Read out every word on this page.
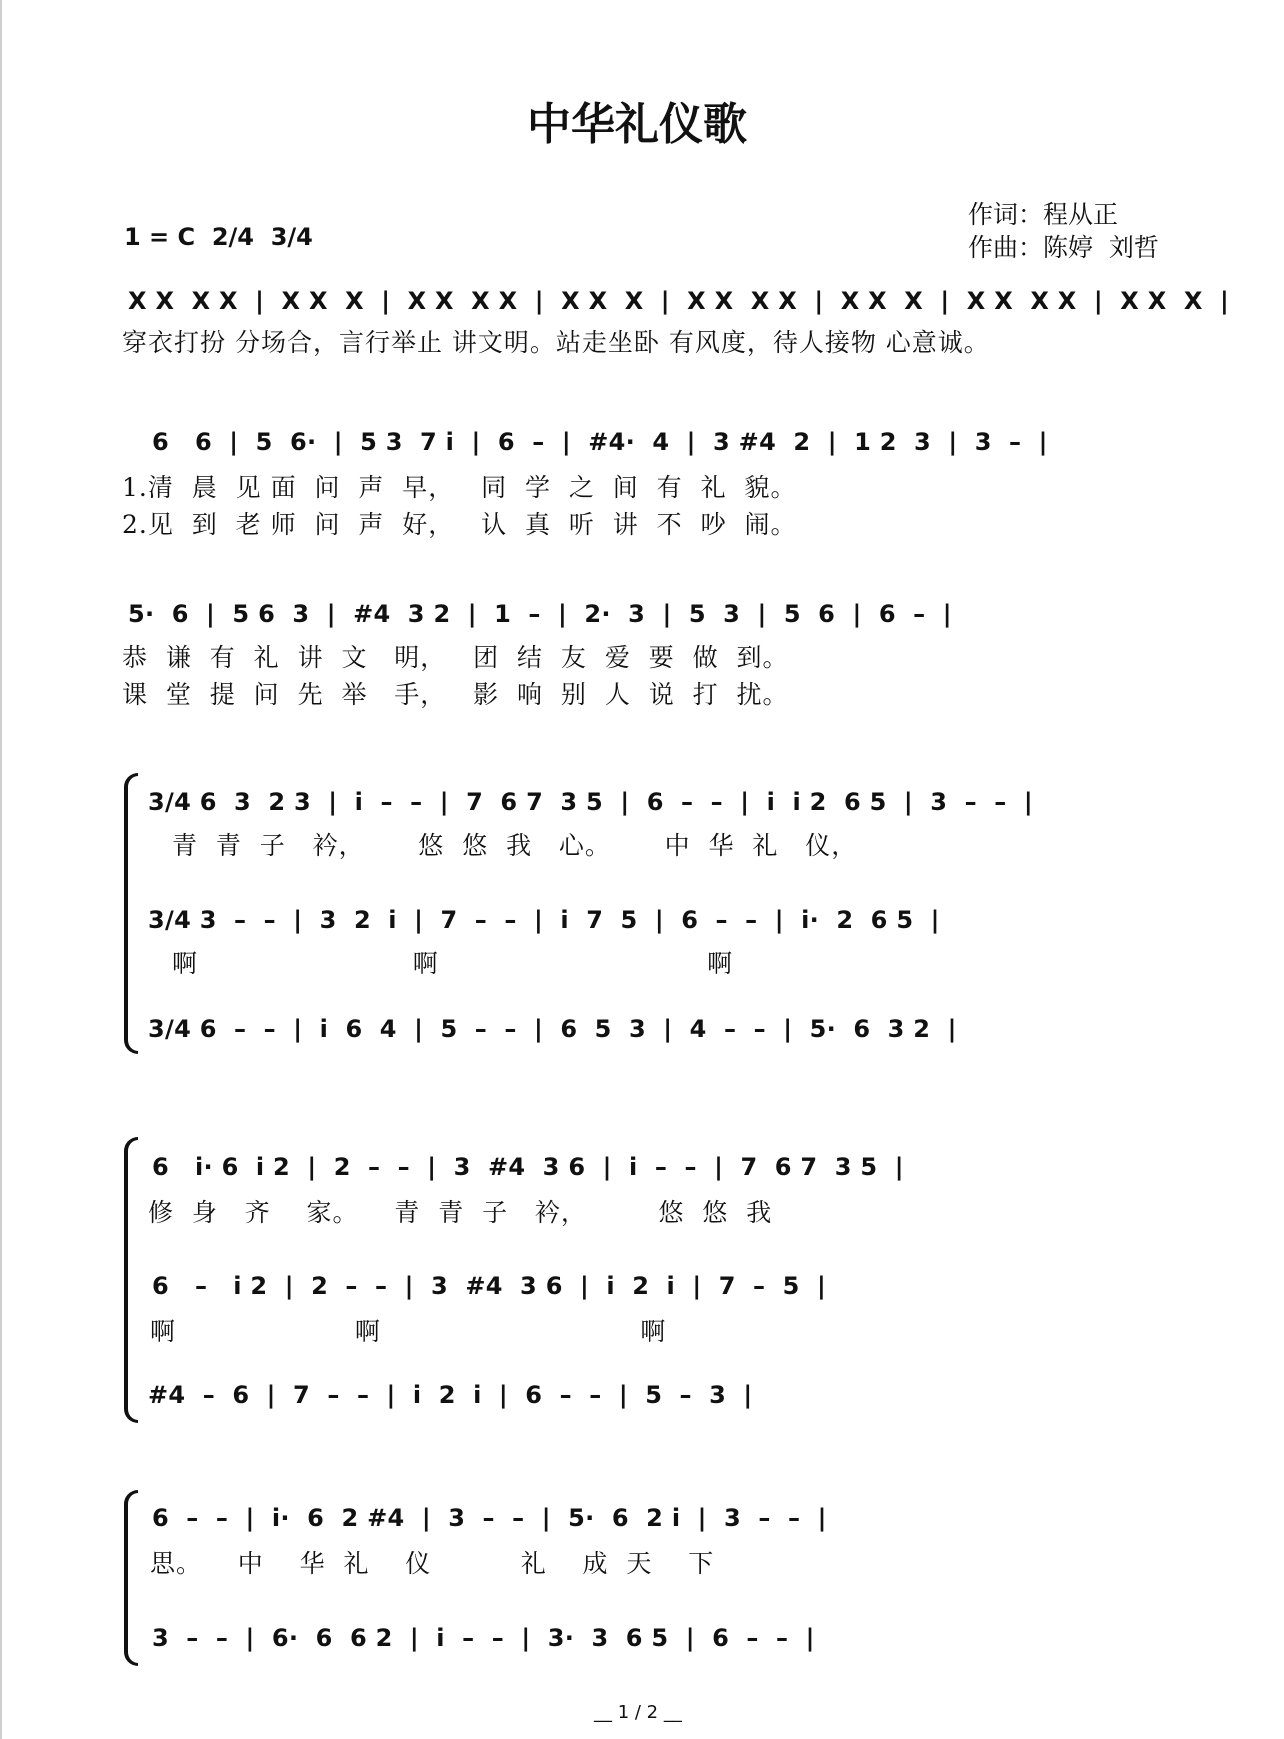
中华礼仪歌
作词：程从正
作曲：陈婷  刘哲
1 = C  2/4  3/4
X X  X X  |  X X  X  |  X X  X X  |  X X  X  |  X X  X X  |  X X  X  |  X X  X X  |  X X  X  |
穿衣打扮 分场合，言行举止 讲文明。站走坐卧 有风度，待人接物 心意诚。
6   6  |  5  6·  |  5 3  7 i  |  6  –  |  #4·  4  |  3 #4  2  |  1 2  3  |  3  –  |
1.清  晨  见 面  问  声  早，   同  学  之  间  有  礼  貌。
2.见  到  老 师  问  声  好，   认  真  听  讲  不  吵  闹。
5·  6  |  5 6  3  |  #4  3 2  |  1  –  |  2·  3  |  5  3  |  5  6  |  6  –  |
恭  谦  有  礼  讲  文   明，   团  结  友  爱  要  做  到。
课  堂  提  问  先  举   手，   影  响  别  人  说  打  扰。
3/4 6  3  2 3  |  i  –  –  |  7  6 7  3 5  |  6  –  –  |  i  i 2  6 5  |  3  –  –  |
青  青  子   衿，      悠  悠  我   心。      中  华  礼   仪，
3/4 3  –  –  |  3  2  i  |  7  –  –  |  i  7  5  |  6  –  –  |  i·  2  6 5  |
啊                        啊                              啊
3/4 6  –  –  |  i  6  4  |  5  –  –  |  6  5  3  |  4  –  –  |  5·  6  3 2  |
6   i· 6  i 2  |  2  –  –  |  3  #4  3 6  |  i  –  –  |  7  6 7  3 5  |
修  身   齐    家。    青  青  子   衿，        悠  悠  我
6   –   i 2  |  2  –  –  |  3  #4  3 6  |  i  2  i  |  7  –  5  |
啊                    啊                             啊
#4  –  6  |  7  –  –  |  i  2  i  |  6  –  –  |  5  –  3  |
6  –  –  |  i·  6  2 #4  |  3  –  –  |  5·  6  2 i  |  3  –  –  |
思。    中    华  礼    仪          礼    成  天    下
3  –  –  |  6·  6  6 2  |  i  –  –  |  3·  3  6 5  |  6  –  –  |
__ 1 / 2 __
